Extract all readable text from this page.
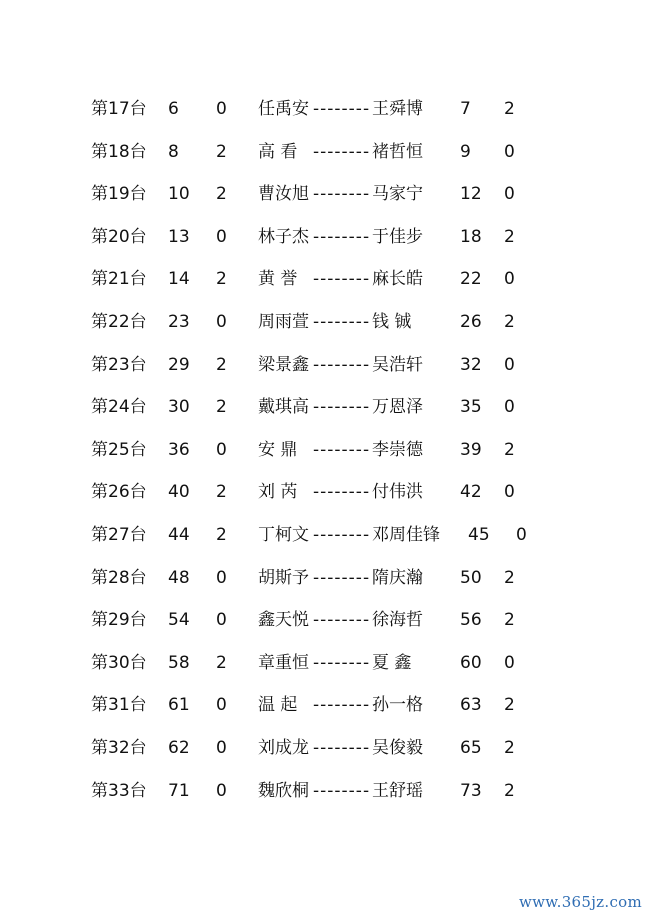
第17台 6 0 任禹安 -------- 王舜博 7 2
第18台 8 2 高 看 -------- 褚哲恒 9 0
第19台 10 2 曹汝旭 -------- 马家宁 12 0
第20台 13 0 林子杰 -------- 于佳步 18 2
第21台 14 2 黄 誉 -------- 麻长皓 22 0
第22台 23 0 周雨萱 -------- 钱 铖	26 2
第23台 29 2 梁景鑫 -------- 吴浩轩 32 0
第24台 30 2 戴琪高 -------- 万恩泽 35 0
第25台 36 0 安 鼎 -------- 李崇德 39 2
第26台 40 2 刘 芮 -------- 付伟洪 42 0
第27台 44 2 丁柯文 -------- 邓周佳锋 45 0
第28台 48 0 胡斯予 -------- 隋庆瀚 50 2
第29台 54 0 鑫天悦 -------- 徐海哲 56 2
第30台 58 2 章重恒 -------- 夏 鑫	60 0
第31台 61 0 温 起 -------- 孙一格 63 2
第32台 62 0 刘成龙 -------- 吴俊毅 65 2
第33台 71 0 魏欣桐 -------- 王舒瑶 73 2
www.365jz.com
